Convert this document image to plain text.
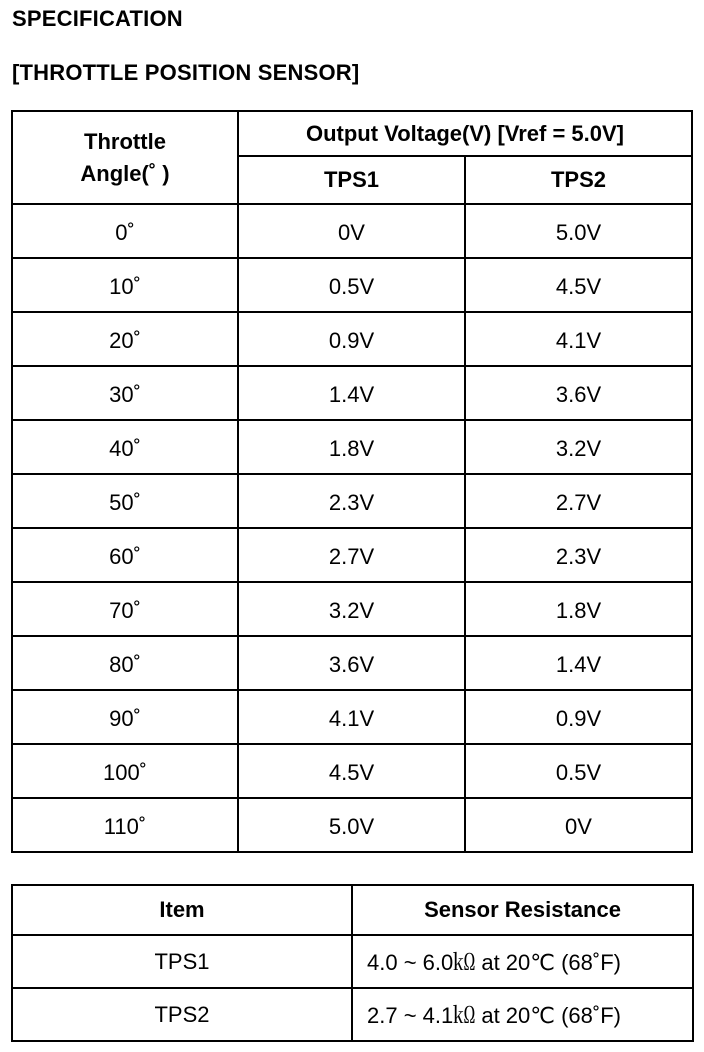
SPECIFICATION
[THROTTLE POSITION SENSOR]
Throttle
Angle(˚ )	Output Voltage(V) [Vref = 5.0V]	
	TPS1	TPS2
0˚	0V	5.0V
10˚	0.5V	4.5V
20˚	0.9V	4.1V
30˚	1.4V	3.6V
40˚	1.8V	3.2V
50˚	2.3V	2.7V
60˚	2.7V	2.3V
70˚	3.2V	1.8V
80˚	3.6V	1.4V
90˚	4.1V	0.9V
100˚	4.5V	0.5V
110˚	5.0V	0V
Item	Sensor Resistance
TPS1	4.0 ~ 6.0㏀ at 20℃ (68˚F)
TPS2	2.7 ~ 4.1㏀ at 20℃ (68˚F)
